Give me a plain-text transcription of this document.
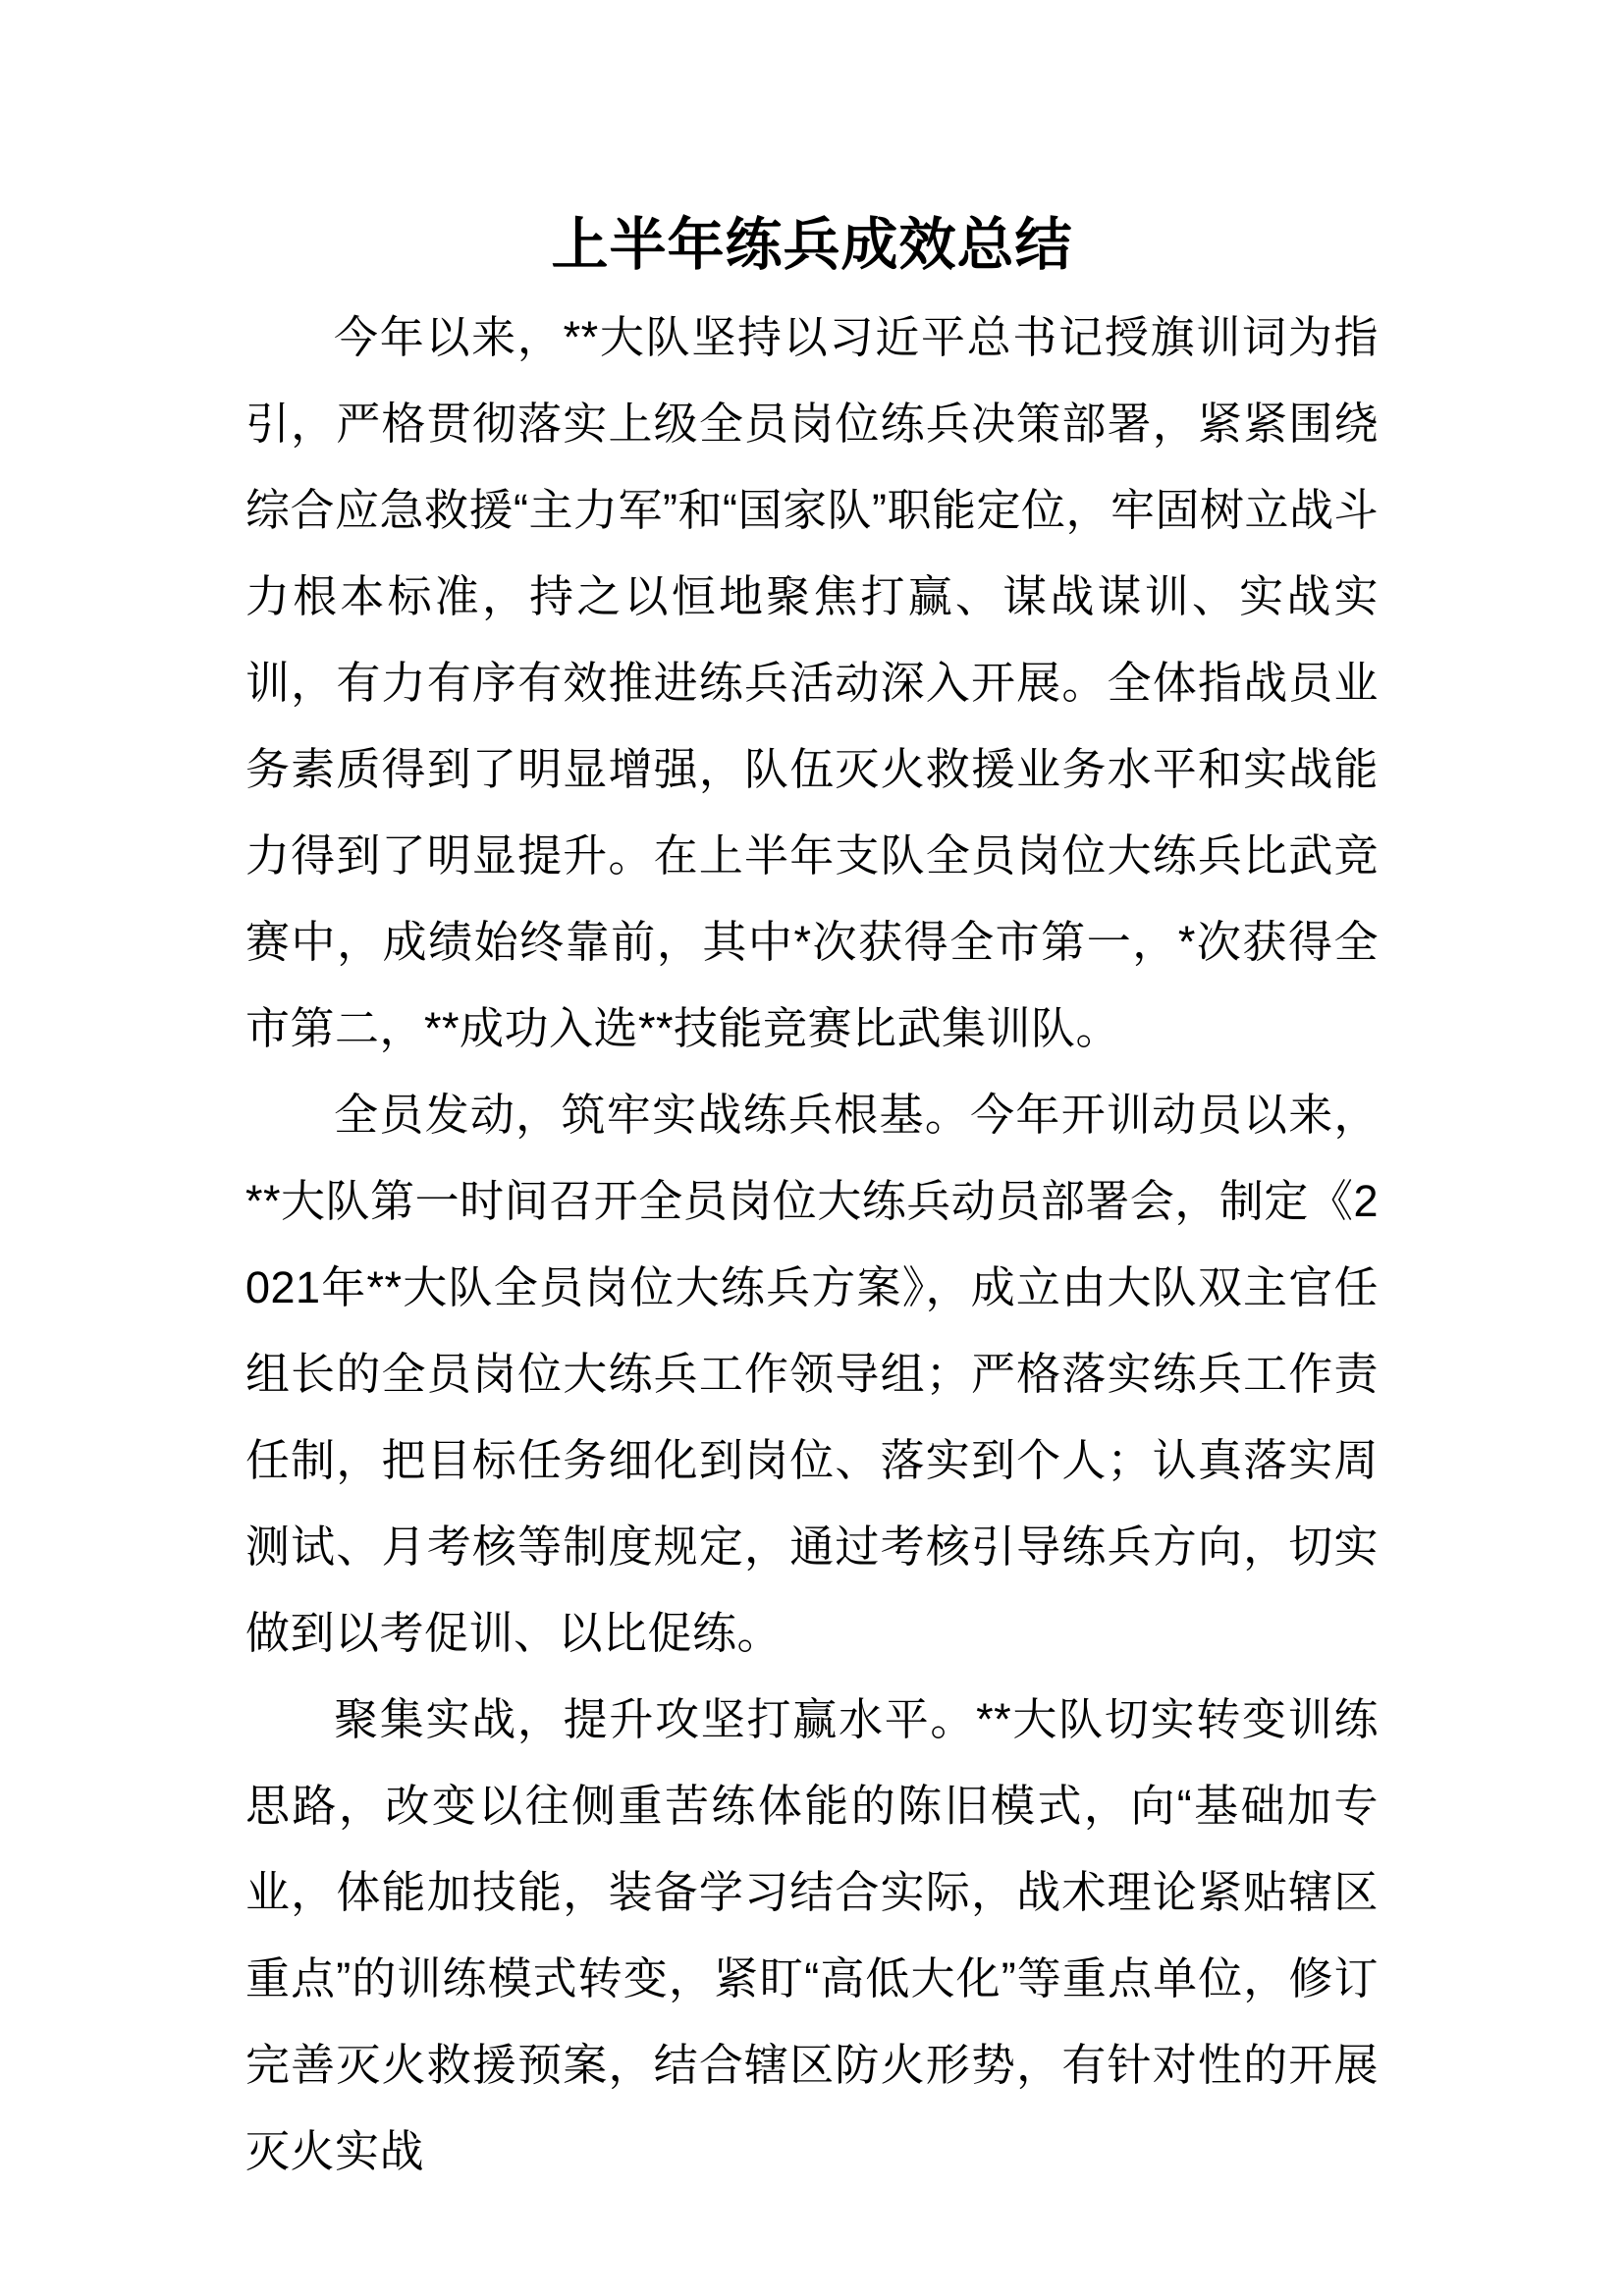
上半年练兵成效总结

今年以来，**大队坚持以习近平总书记授旗训词为指引，严格贯彻落实上级全员岗位练兵决策部署，紧紧围绕综合应急救援“主力军”和“国家队”职能定位，牢固树立战斗力根本标准，持之以恒地聚焦打赢、谋战谋训、实战实训，有力有序有效推进练兵活动深入开展。全体指战员业务素质得到了明显增强，队伍灭火救援业务水平和实战能力得到了明显提升。在上半年支队全员岗位大练兵比武竞赛中，成绩始终靠前，其中*次获得全市第一，*次获得全市第二，**成功入选**技能竞赛比武集训队。

全员发动，筑牢实战练兵根基。今年开训动员以来，**大队第一时间召开全员岗位大练兵动员部署会，制定《2021年**大队全员岗位大练兵方案》，成立由大队双主官任组长的全员岗位大练兵工作领导组；严格落实练兵工作责任制，把目标任务细化到岗位、落实到个人；认真落实周测试、月考核等制度规定，通过考核引导练兵方向，切实做到以考促训、以比促练。

聚集实战，提升攻坚打赢水平。**大队切实转变训练思路，改变以往侧重苦练体能的陈旧模式，向“基础加专业，体能加技能，装备学习结合实际，战术理论紧贴辖区重点”的训练模式转变，紧盯“高低大化”等重点单位，修订完善灭火救援预案，结合辖区防火形势，有针对性的开展灭火实战
